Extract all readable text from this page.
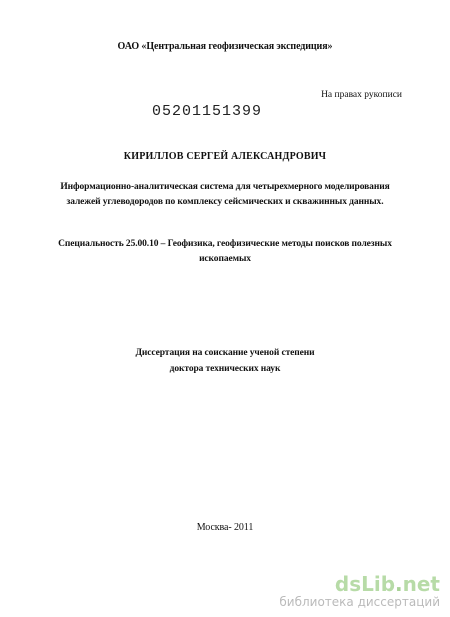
ОАО «Центральная геофизическая экспедиция»
На правах рукописи
05201151399
КИРИЛЛОВ СЕРГЕЙ АЛЕКСАНДРОВИЧ
Информационно-аналитическая система для четырехмерного моделирования
залежей углеводородов по комплексу сейсмических и скважинных данных.
Специальность 25.00.10 – Геофизика, геофизические методы поисков полезных
ископаемых
Диссертация на соискание ученой степени
доктора технических наук
Москва- 2011
dsLib.net
библиотека диссертаций
